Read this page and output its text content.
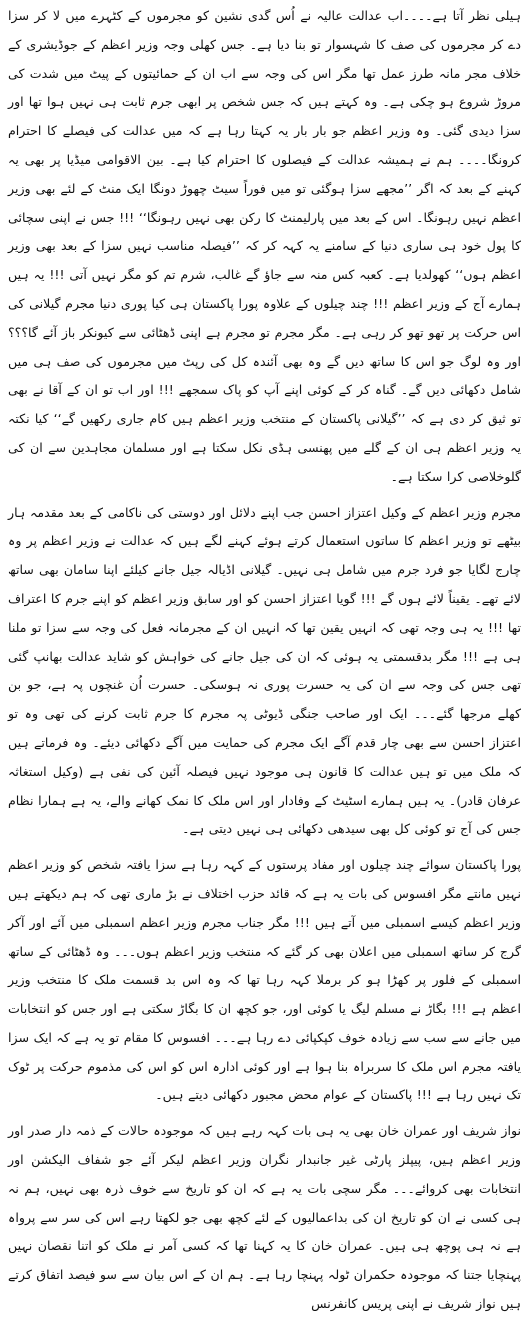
ہیلی نظر آتا ہے۔۔۔۔اب عدالت عالیہ نے اُس گدی نشین کو مجرموں کے کٹہرے میں لا کر سزا دے کر مجرموں کی صف کا شہسوار تو بنا دیا ہے۔ جس کھلی وجہ وزیر اعظم کے جوڈیشری کے خلاف مجر مانہ طرز عمل تھا مگر اس کی وجہ سے اب ان کے حمائیتوں کے پیٹ میں شدت کی مروڑ شروع ہو چکی ہے۔ وہ کہتے ہیں کہ جس شخص پر ابھی جرم ثابت ہی نہیں ہوا تھا اور سزا دیدی گئی۔ وہ وزیر اعظم جو بار بار یہ کہتا رہا ہے کہ میں عدالت کی فیصلے کا احترام کرونگا۔۔۔۔ ہم نے ہمیشہ عدالت کے فیصلوں کا احترام کیا ہے۔ بین الاقوامی میڈیا پر بھی یہ کہنے کے بعد کہ اگر ’’مجھے سزا ہوگئی تو میں فوراً سیٹ چھوڑ دونگا ایک منٹ کے لئے بھی وزیر اعظم نہیں رہونگا۔ اس کے بعد میں پارلیمنٹ کا رکن بھی نہیں رہونگا‘‘ !!! جس نے اپنی سچائی کا پول خود ہی ساری دنیا کے سامنے یہ کہہ کر کہ ’’فیصلہ مناسب نہیں سزا کے بعد بھی وزیر اعظم ہوں‘‘ کھولدیا ہے۔ کعبہ کس منہ سے جاؤ گے غالب، شرم تم کو مگر نہیں آتی !!! یہ ہیں ہمارے آج کے وزیر اعظم !!! چند چیلوں کے علاوہ پورا پاکستان ہی کیا پوری دنیا مجرم گیلانی کی اس حرکت پر تھو تھو کر رہی ہے۔ مگر مجرم تو مجرم ہے اپنی ڈھٹائی سے کیونکر باز آئے گا؟؟؟ اور وہ لوگ جو اس کا ساتھ دیں گے وہ بھی آئندہ کل کی رپٹ میں مجرموں کی صف ہی میں شامل دکھائی دیں گے۔ گناہ کر کے کوئی اپنے آپ کو پاک سمجھے !!! اور اب تو ان کے آقا نے بھی تو ثیق کر دی ہے کہ ’’گیلانی پاکستان کے منتخب وزیر اعظم ہیں کام جاری رکھیں گے‘‘ کیا نکتہ یہ وزیر اعظم ہی ان کے گلے میں پھنسی ہڈی نکل سکتا ہے اور مسلمان مجاہدین سے ان کی گلوخلاصی کرا سکتا ہے۔

مجرم وزیر اعظم کے وکیل اعتزاز احسن جب اپنے دلائل اور دوستی کی ناکامی کے بعد مقدمہ ہار بیٹھے تو وزیر اعظم کا ساتوں استعمال کرتے ہوئے کہنے لگے ہیں کہ عدالت نے وزیر اعظم پر وہ چارج لگایا جو فرد جرم میں شامل ہی نہیں۔ گیلانی اڈیالہ جیل جانے کیلئے اپنا سامان بھی ساتھ لائے تھے۔ یقیناً لائے ہوں گے !!! گویا اعتزاز احسن کو اور سابق وزیر اعظم کو اپنے جرم کا اعتراف تھا !!! یہ ہی وجہ تھی کہ انہیں یقین تھا کہ انہیں ان کے مجرمانہ فعل کی وجہ سے سزا تو ملنا ہی ہے !!! مگر بدقسمتی یہ ہوئی کہ ان کی جیل جانے کی خواہش کو شاید عدالت بھانپ گئی تھی جس کی وجہ سے ان کی یہ حسرت پوری نہ ہوسکی۔ حسرت اُن غنچوں پہ ہے، جو بن کھلے مرجھا گئے۔۔۔ ایک اور صاحب جنگی ڈیوٹی پہ مجرم کا جرم ثابت کرنے کی تھی وہ تو اعتزاز احسن سے بھی چار قدم آگے ایک مجرم کی حمایت میں آگے دکھائی دیئے۔ وہ فرماتے ہیں کہ ملک میں تو ہیں عدالت کا قانون ہی موجود نہیں فیصلہ آئین کی نفی ہے (وکیل استغاثہ عرفان قادر)۔ یہ ہیں ہمارے اسٹیٹ کے وفادار اور اس ملک کا نمک کھانے والے، یہ ہے ہمارا نظام جس کی آج تو کوئی کل بھی سیدھی دکھائی ہی نہیں دیتی ہے۔

پورا پاکستان سوائے چند چیلوں اور مفاد پرستوں کے کہہ رہا ہے سزا یافتہ شخص کو وزیر اعظم نہیں مانتے مگر افسوس کی بات یہ ہے کہ قائد حزب اختلاف نے بڑ ماری تھی کہ ہم دیکھتے ہیں وزیر اعظم کیسے اسمبلی میں آتے ہیں !!! مگر جناب مجرم وزیر اعظم اسمبلی میں آئے اور آکر گرج کر ساتھ اسمبلی میں اعلان بھی کر گئے کہ منتخب وزیر اعظم ہوں۔۔۔ وہ ڈھٹائی کے ساتھ اسمبلی کے فلور پر کھڑا ہو کر برملا کہہ رہا تھا کہ وہ اس بد قسمت ملک کا منتخب وزیر اعظم ہے !!! بگاڑ نے مسلم لیگ یا کوئی اور، جو کچھ ان کا بگاڑ سکتی ہے اور جس کو انتخابات میں جانے سے سب سے زیادہ خوف کپکپائی دے رہا ہے۔۔۔ افسوس کا مقام تو یہ ہے کہ ایک سزا یافتہ مجرم اس ملک کا سربراہ بنا ہوا ہے اور کوئی ادارہ اس کو اس کی مذموم حرکت پر ٹوک تک نہیں رہا ہے !!! پاکستان کے عوام محض مجبور دکھائی دیتے ہیں۔

نواز شریف اور عمران خان بھی یہ ہی بات کہہ رہے ہیں کہ موجودہ حالات کے ذمہ دار صدر اور وزیر اعظم ہیں، پیپلز پارٹی غیر جانبدار نگران وزیر اعظم لیکر آئے جو شفاف الیکشن اور انتخابات بھی کروائے۔۔۔ مگر سچی بات یہ ہے کہ ان کو تاریخ سے خوف ذرہ بھی نہیں، ہم نہ ہی کسی نے ان کو تاریخ ان کی بداعمالیوں کے لئے کچھ بھی جو لکھتا رہے اس کی سر سے پرواہ ہے نہ ہی پوچھ ہی ہیں۔ عمران خان کا یہ کہنا تھا کہ کسی آمر نے ملک کو اتنا نقصان نہیں پہنچایا جتنا کہ موجودہ حکمران ٹولہ پہنچا رہا ہے۔ ہم ان کے اس بیان سے سو فیصد اتفاق کرتے ہیں نواز شریف نے اپنی پریس کانفرنس
